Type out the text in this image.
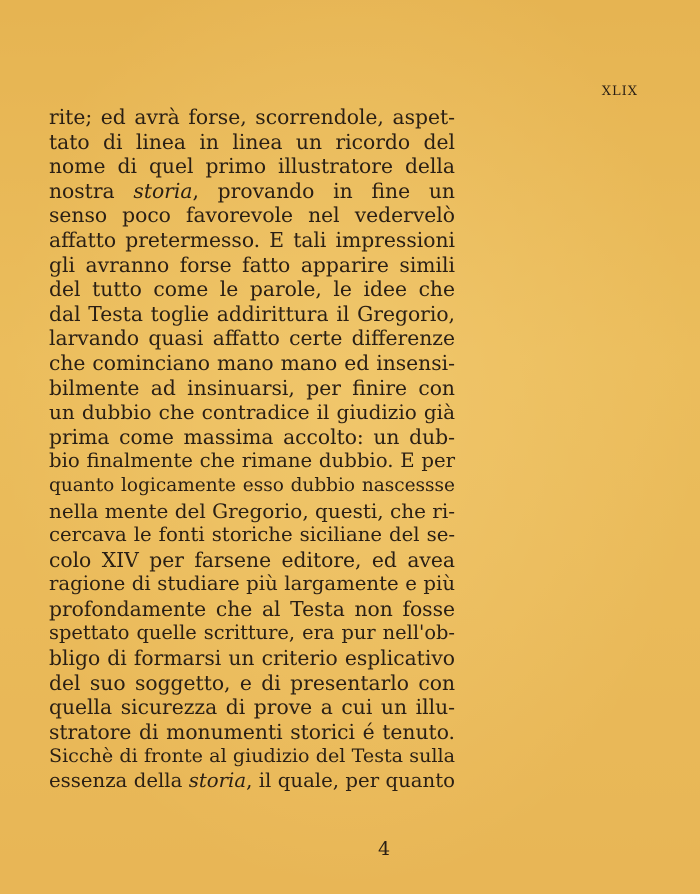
XLIX
rite; ed avrà forse, scorrendole, aspet-
tato di linea in linea un ricordo del
nome di quel primo illustratore della
nostra storia, provando in fine un
senso poco favorevole nel vedervelò
affatto pretermesso. E tali impressioni
gli avranno forse fatto apparire simili
del tutto come le parole, le idee che
dal Testa toglie addirittura il Gregorio,
larvando quasi affatto certe differenze
che cominciano mano mano ed insensi-
bilmente ad insinuarsi, per finire con
un dubbio che contradice il giudizio già
prima come massima accolto: un dub-
bio finalmente che rimane dubbio. E per
quanto logicamente esso dubbio nascessse
nella mente del Gregorio, questi, che ri-
cercava le fonti storiche siciliane del se-
colo XIV per farsene editore, ed avea
ragione di studiare più largamente e più
profondamente che al Testa non fosse
spettato quelle scritture, era pur nell'ob-
bligo di formarsi un criterio esplicativo
del suo soggetto, e di presentarlo con
quella sicurezza di prove a cui un illu-
stratore di monumenti storici é tenuto.
Sicchè di fronte al giudizio del Testa sulla
essenza della storia, il quale, per quanto
4
